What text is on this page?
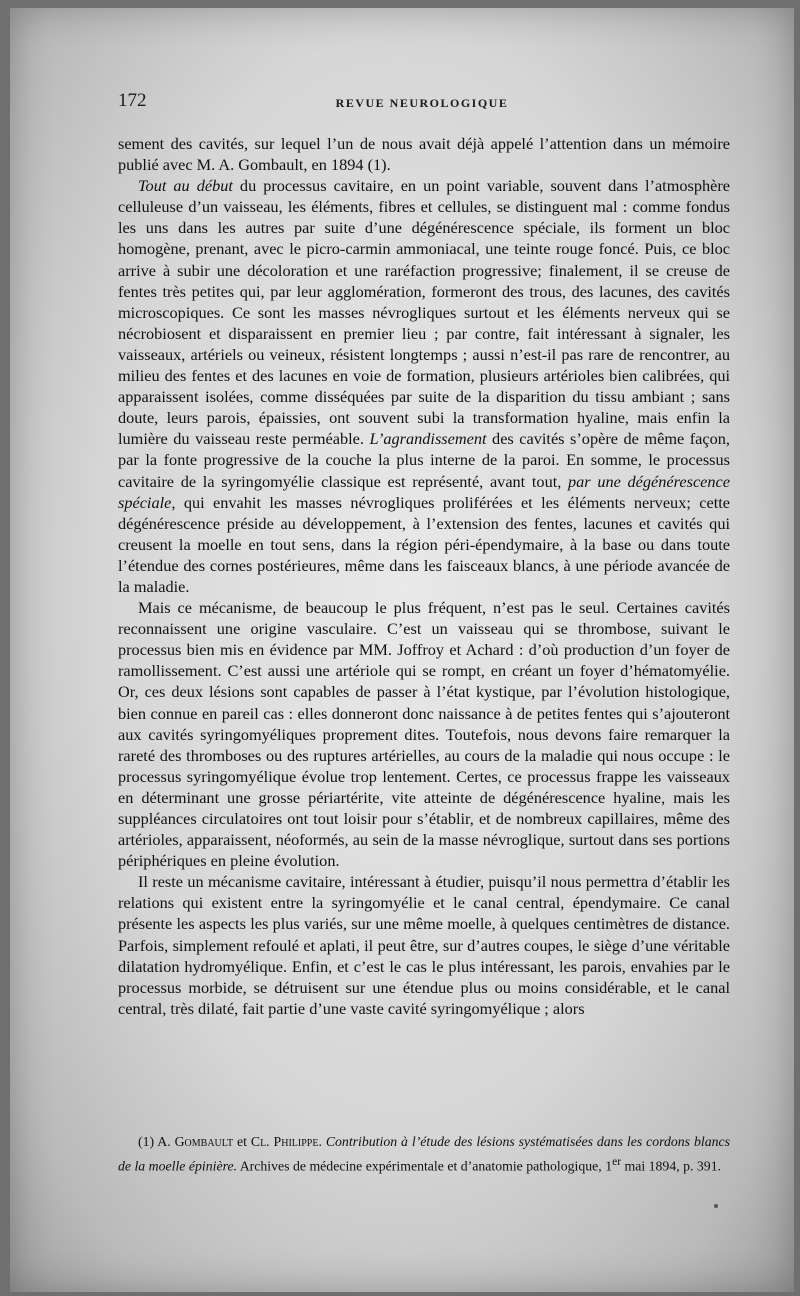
172	REVUE NEUROLOGIQUE

sement des cavités, sur lequel l’un de nous avait déjà appelé l’attention dans un mémoire publié avec M. A. Gombault, en 1894 (1).

Tout au début du processus cavitaire, en un point variable, souvent dans l’atmosphère celluleuse d’un vaisseau, les éléments, fibres et cellules, se distinguent mal : comme fondus les uns dans les autres par suite d’une dégénérescence spéciale, ils forment un bloc homogène, prenant, avec le picro-carmin ammoniacal, une teinte rouge foncé. Puis, ce bloc arrive à subir une décoloration et une raréfaction progressive; finalement, il se creuse de fentes très petites qui, par leur agglomération, formeront des trous, des lacunes, des cavités microscopiques. Ce sont les masses névrogliques surtout et les éléments nerveux qui se nécrobiosent et disparaissent en premier lieu ; par contre, fait intéressant à signaler, les vaisseaux, artériels ou veineux, résistent longtemps ; aussi n’est-il pas rare de rencontrer, au milieu des fentes et des lacunes en voie de formation, plusieurs artérioles bien calibrées, qui apparaissent isolées, comme disséquées par suite de la disparition du tissu ambiant ; sans doute, leurs parois, épaissies, ont souvent subi la transformation hyaline, mais enfin la lumière du vaisseau reste perméable. L’agrandissement des cavités s’opère de même façon, par la fonte progressive de la couche la plus interne de la paroi. En somme, le processus cavitaire de la syringomyélie classique est représenté, avant tout, par une dégénérescence spéciale, qui envahit les masses névrogliques proliférées et les éléments nerveux; cette dégénérescence préside au développement, à l’extension des fentes, lacunes et cavités qui creusent la moelle en tout sens, dans la région péri-épendymaire, à la base ou dans toute l’étendue des cornes postérieures, même dans les faisceaux blancs, à une période avancée de la maladie.

Mais ce mécanisme, de beaucoup le plus fréquent, n’est pas le seul. Certaines cavités reconnaissent une origine vasculaire. C’est un vaisseau qui se thrombose, suivant le processus bien mis en évidence par MM. Joffroy et Achard : d’où production d’un foyer de ramollissement. C’est aussi une artériole qui se rompt, en créant un foyer d’hématomyélie. Or, ces deux lésions sont capables de passer à l’état kystique, par l’évolution histologique, bien connue en pareil cas : elles donneront donc naissance à de petites fentes qui s’ajouteront aux cavités syringomyéliques proprement dites. Toutefois, nous devons faire remarquer la rareté des thromboses ou des ruptures artérielles, au cours de la maladie qui nous occupe : le processus syringomyélique évolue trop lentement. Certes, ce processus frappe les vaisseaux en déterminant une grosse périartérite, vite atteinte de dégénérescence hyaline, mais les suppléances circulatoires ont tout loisir pour s’établir, et de nombreux capillaires, même des artérioles, apparaissent, néoformés, au sein de la masse névroglique, surtout dans ses portions périphériques en pleine évolution.

Il reste un mécanisme cavitaire, intéressant à étudier, puisqu’il nous permettra d’établir les relations qui existent entre la syringomyélie et le canal central, épendymaire. Ce canal présente les aspects les plus variés, sur une même moelle, à quelques centimètres de distance. Parfois, simplement refoulé et aplati, il peut être, sur d’autres coupes, le siège d’une véritable dilatation hydromyélique. Enfin, et c’est le cas le plus intéressant, les parois, envahies par le processus morbide, se détruisent sur une étendue plus ou moins considérable, et le canal central, très dilaté, fait partie d’une vaste cavité syringomyélique ; alors

(1) A. Gombault et Cl. Philippe. Contribution à l’étude des lésions systématisées dans les cordons blancs de la moelle épinière. Archives de médecine expérimentale et d’anatomie pathologique, 1er mai 1894, p. 391.
